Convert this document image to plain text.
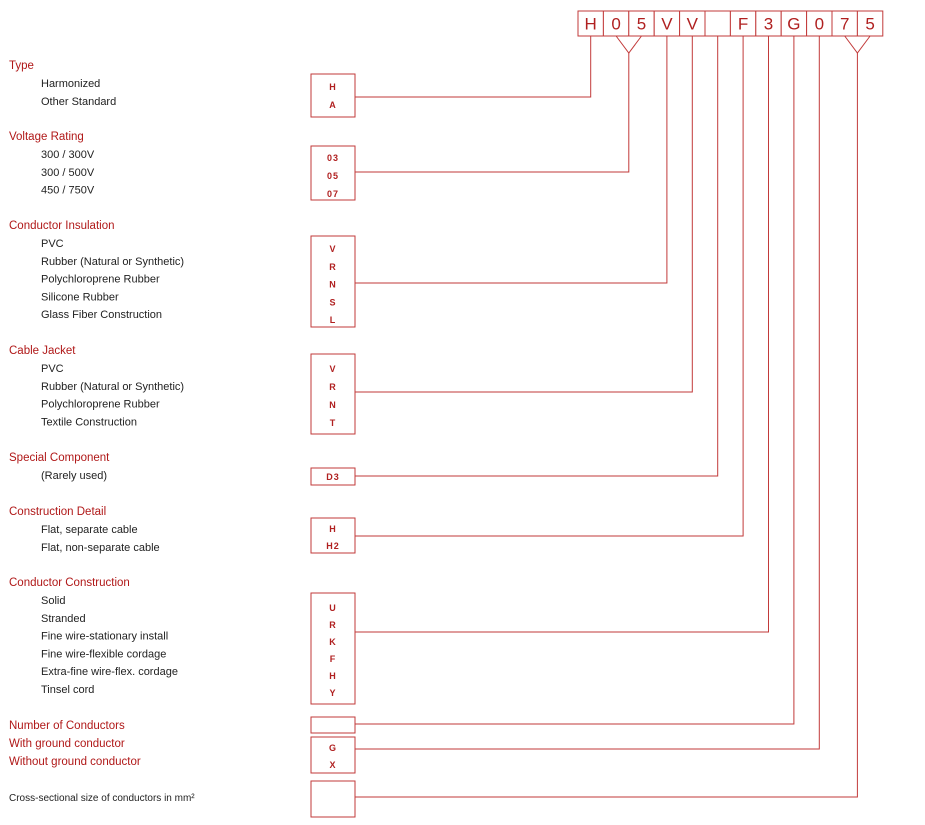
H 0 5 V V F 3 G 0 7 5
Type
Harmonized
Other Standard
Voltage Rating
300 / 300V
300 / 500V
450 / 750V
Conductor Insulation
PVC
Rubber (Natural or Synthetic)
Polychloroprene Rubber
Silicone Rubber
Glass Fiber Construction
Cable Jacket
PVC
Rubber (Natural or Synthetic)
Polychloroprene Rubber
Textile Construction
Special Component
(Rarely used)
Construction Detail
Flat, separate cable
Flat, non-separate cable
Conductor Construction
Solid
Stranded
Fine wire-stationary install
Fine wire-flexible cordage
Extra-fine wire-flex. cordage
Tinsel cord
Number of Conductors
With ground conductor
Without ground conductor
Cross-sectional size of conductors in mm²
H
A
03
05
07
V
R
N
S
L
V
R
N
T
D3
H
H2
U
R
K
F
H
Y
G
X
